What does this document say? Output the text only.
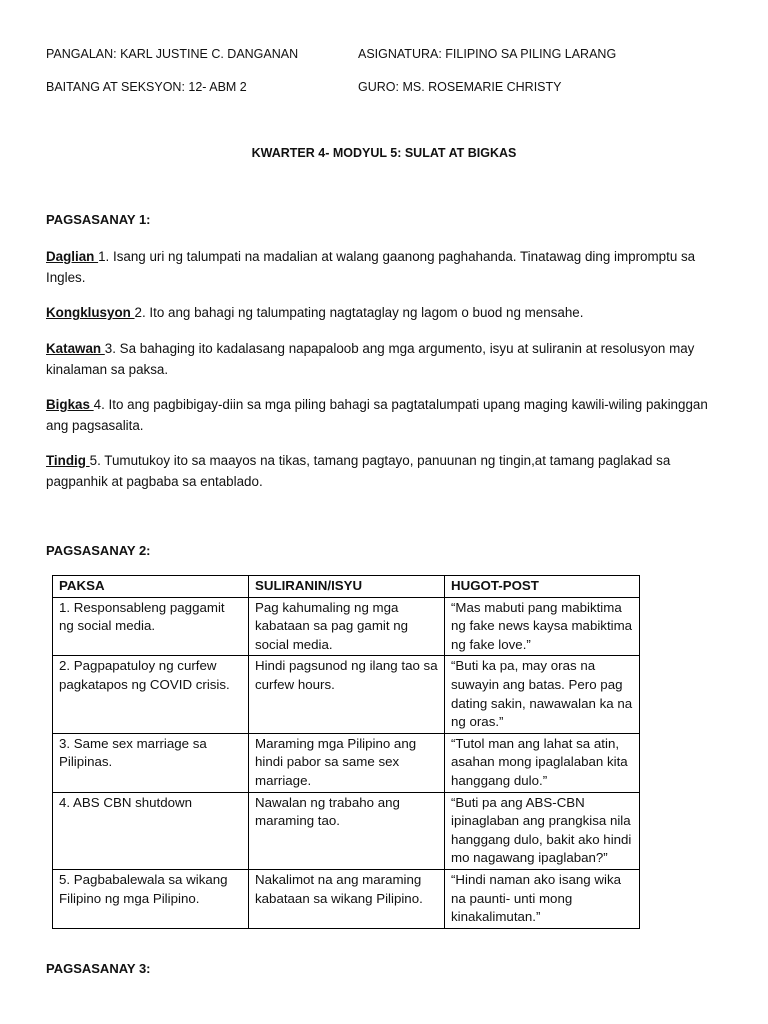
PANGALAN: KARL JUSTINE C. DANGANAN	ASIGNATURA: FILIPINO SA PILING LARANG
BAITANG AT SEKSYON: 12- ABM 2	GURO: MS. ROSEMARIE CHRISTY
KWARTER 4- MODYUL 5: SULAT AT BIGKAS
PAGSASANAY 1:
Daglian 1. Isang uri ng talumpati na madalian at walang gaanong paghahanda. Tinatawag ding impromptu sa Ingles.
Kongklusyon 2. Ito ang bahagi ng talumpating nagtataglay ng lagom o buod ng mensahe.
Katawan 3. Sa bahaging ito kadalasang napapaloob ang mga argumento, isyu at suliranin at resolusyon may kinalaman sa paksa.
Bigkas 4. Ito ang pagbibigay-diin sa mga piling bahagi sa pagtatalumpati upang maging kawili-wiling pakinggan ang pagsasalita.
Tindig 5. Tumutukoy ito sa maayos na tikas, tamang pagtayo, panuunan ng tingin,at tamang paglakad sa pagpanhik at pagbaba sa entablado.
PAGSASANAY 2:
PAKSA	SULIRANIN/ISYU	HUGOT-POST
1. Responsableng paggamit ng social media.	Pag kahumaling ng mga kabataan sa pag gamit ng social media.	“Mas mabuti pang mabiktima ng fake news kaysa mabiktima ng fake love.”
2. Pagpapatuloy ng curfew pagkatapos ng COVID crisis.	Hindi pagsunod ng ilang tao sa curfew hours.	“Buti ka pa, may oras na suwayin ang batas. Pero pag dating sakin, nawawalan ka na ng oras.”
3. Same sex marriage sa Pilipinas.	Maraming mga Pilipino ang hindi pabor sa same sex marriage.	“Tutol man ang lahat sa atin, asahan mong ipaglalaban kita hanggang dulo.”
4. ABS CBN shutdown	Nawalan ng trabaho ang maraming tao.	“Buti pa ang ABS-CBN ipinaglaban ang prangkisa nila hanggang dulo, bakit ako hindi mo nagawang ipaglaban?”
5. Pagbabalewala sa wikang Filipino ng mga Pilipino.	Nakalimot na ang maraming kabataan sa wikang Pilipino.	“Hindi naman ako isang wika na paunti- unti mong kinakalimutan.”
PAGSASANAY 3:
